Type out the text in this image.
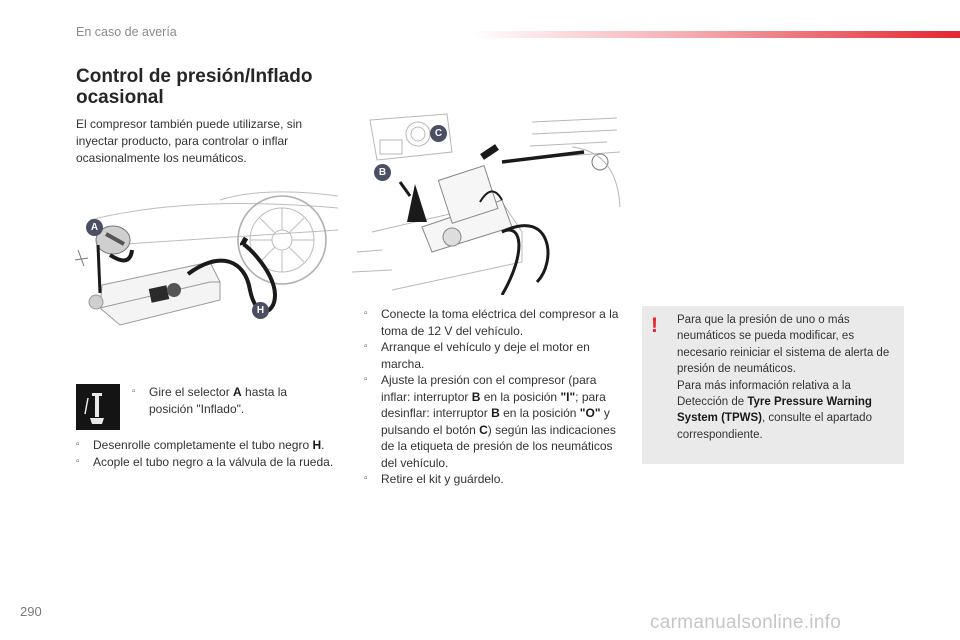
En caso de avería
Control de presión/Inflado ocasional
El compresor también puede utilizarse, sin inyectar producto, para controlar o inflar ocasionalmente los neumáticos.
A
H
C
B
▫ Gire el selector A hasta la posición "Inflado".
▫ Desenrolle completamente el tubo negro H.
▫ Acople el tubo negro a la válvula de la rueda.
▫ Conecte la toma eléctrica del compresor a la toma de 12 V del vehículo.
▫ Arranque el vehículo y deje el motor en marcha.
▫ Ajuste la presión con el compresor (para inflar: interruptor B en la posición "I"; para desinflar: interruptor B en la posición "O" y pulsando el botón C) según las indicaciones de la etiqueta de presión de los neumáticos del vehículo.
▫ Retire el kit y guárdelo.
! Para que la presión de uno o más neumáticos se pueda modificar, es necesario reiniciar el sistema de alerta de presión de neumáticos.
Para más información relativa a la Detección de Tyre Pressure Warning System (TPWS), consulte el apartado correspondiente.
290
carmanualsonline.info
